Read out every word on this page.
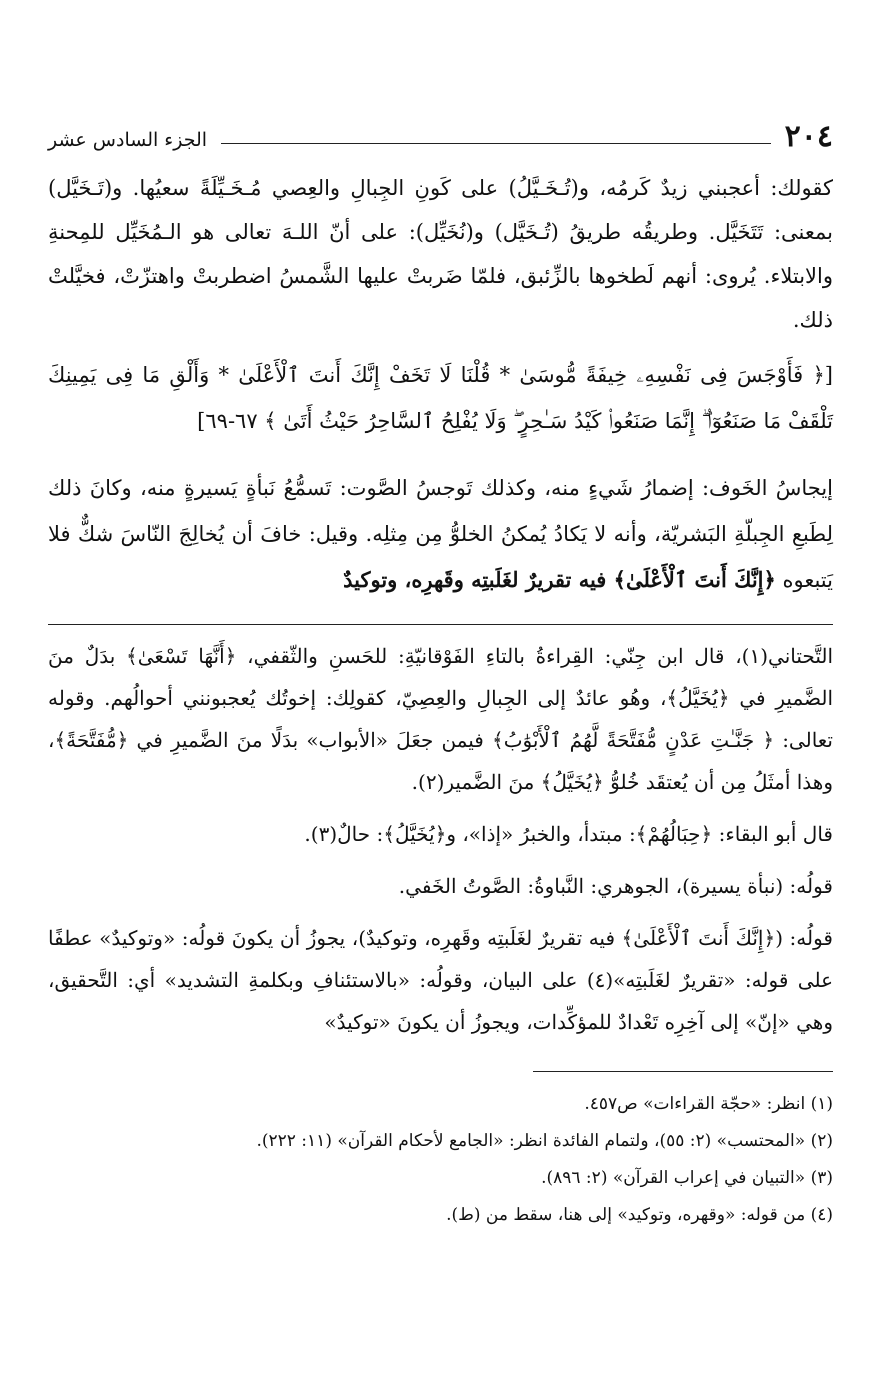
٢٠٤
الجزء السادس عشر

كقولك: أعجبني زيدٌ كَرمُه، و(تُـخَـيَّلُ) على كَونِ الجِبالِ والعِصي مُـخَـيِّلَةً سعيُها. و(تَـخَيَّل) بمعنى: تَتَخَيَّل. وطريقُه طريقُ (تُـخَيَّل) و(نُخَيِّل): على أنّ اللـهَ تعالى هو الـمُخَيِّل للمِحنةِ والابتلاء. يُروى: أنهم لَطخوها بالزِّئبق، فلمّا ضَربتْ عليها الشَّمسُ اضطربتْ واهتزّتْ، فخيَّلتْ ذلك.

[﴿ فَأَوْجَسَ فِى نَفْسِهِۦ خِيفَةً مُّوسَىٰ * قُلْنَا لَا تَخَفْ إِنَّكَ أَنتَ ٱلْأَعْلَىٰ * وَأَلْقِ مَا فِى يَمِينِكَ تَلْقَفْ مَا صَنَعُوٓا۟ ۖ إِنَّمَا صَنَعُوا۟ كَيْدُ سَـٰحِرٍ ۖ وَلَا يُفْلِحُ ٱلسَّاحِرُ حَيْثُ أَتَىٰ ﴾ ٦٧-٦٩]

إيجاسُ الخَوف: إضمارُ شَيءٍ منه، وكذلك تَوجسُ الصَّوت: تَسمُّعُ نَبأةٍ يَسيرةٍ منه، وكانَ ذلك لِطَبعِ الجِبلّةِ البَشريّة، وأنه لا يَكادُ يُمكنُ الخلوُّ مِن مِثلِه. وقيل: خافَ أن يُخالِجَ النّاسَ شكٌّ فلا يَتبعوه ﴿إِنَّكَ أَنتَ ٱلْأَعْلَىٰ﴾ فيه تقريرٌ لغَلَبتِه وقَهرِه، وتوكيدٌ

التَّحتاني(١)، قال ابن جِنّي: القِراءةُ بالتاءِ الفَوْقانيّةِ: للحَسنِ والثّقفي، ﴿أَنَّهَا تَسْعَىٰ﴾ بدَلٌ منَ الضَّميرِ في ﴿يُخَيَّلُ﴾، وهُو عائدٌ إلى الجِبالِ والعِصِيّ، كقولِك: إخوتُك يُعجبونني أحوالُهم. وقوله تعالى: ﴿ جَنَّـٰتِ عَدْنٍ مُّفَتَّحَةً لَّهُمُ ٱلْأَبْوَٰبُ﴾ فيمن جعَلَ «الأبواب» بدَلًا منَ الضَّميرِ في ﴿مُّفَتَّحَةً﴾، وهذا أمثَلُ مِن أن يُعتقَد خُلوُّ ﴿يُخَيَّلُ﴾ منَ الضَّمير(٢).

قال أبو البقاء: ﴿حِبَالُهُمْ﴾: مبتدأ، والخبرُ «إذا»، و﴿يُخَيَّلُ﴾: حالٌ(٣).

قولُه: (نبأة يسيرة)، الجوهري: النَّباوةُ: الصَّوتُ الخَفي.

قولُه: (﴿إِنَّكَ أَنتَ ٱلْأَعْلَىٰ﴾ فيه تقريرٌ لغَلَبتِه وقَهرِه، وتوكيدٌ)، يجوزُ أن يكونَ قولُه: «وتوكيدٌ» عطفًا على قوله: «تقريرٌ لغَلَبتِه»(٤) على البيان، وقولُه: «بالاستئنافِ وبكلمةِ التشديد» أي: التَّحقيق، وهي «إنّ» إلى آخِرِه تَعْدادٌ للمؤكِّدات، ويجوزُ أن يكونَ «توكيدٌ»

(١) انظر: «حجّة القراءات» ص٤٥٧.
(٢) «المحتسب» (٢: ٥٥)، ولتمام الفائدة انظر: «الجامع لأحكام القرآن» (١١: ٢٢٢).
(٣) «التبيان في إعراب القرآن» (٢: ٨٩٦).
(٤) من قوله: «وقهره، وتوكيد» إلى هنا، سقط من (ط).
